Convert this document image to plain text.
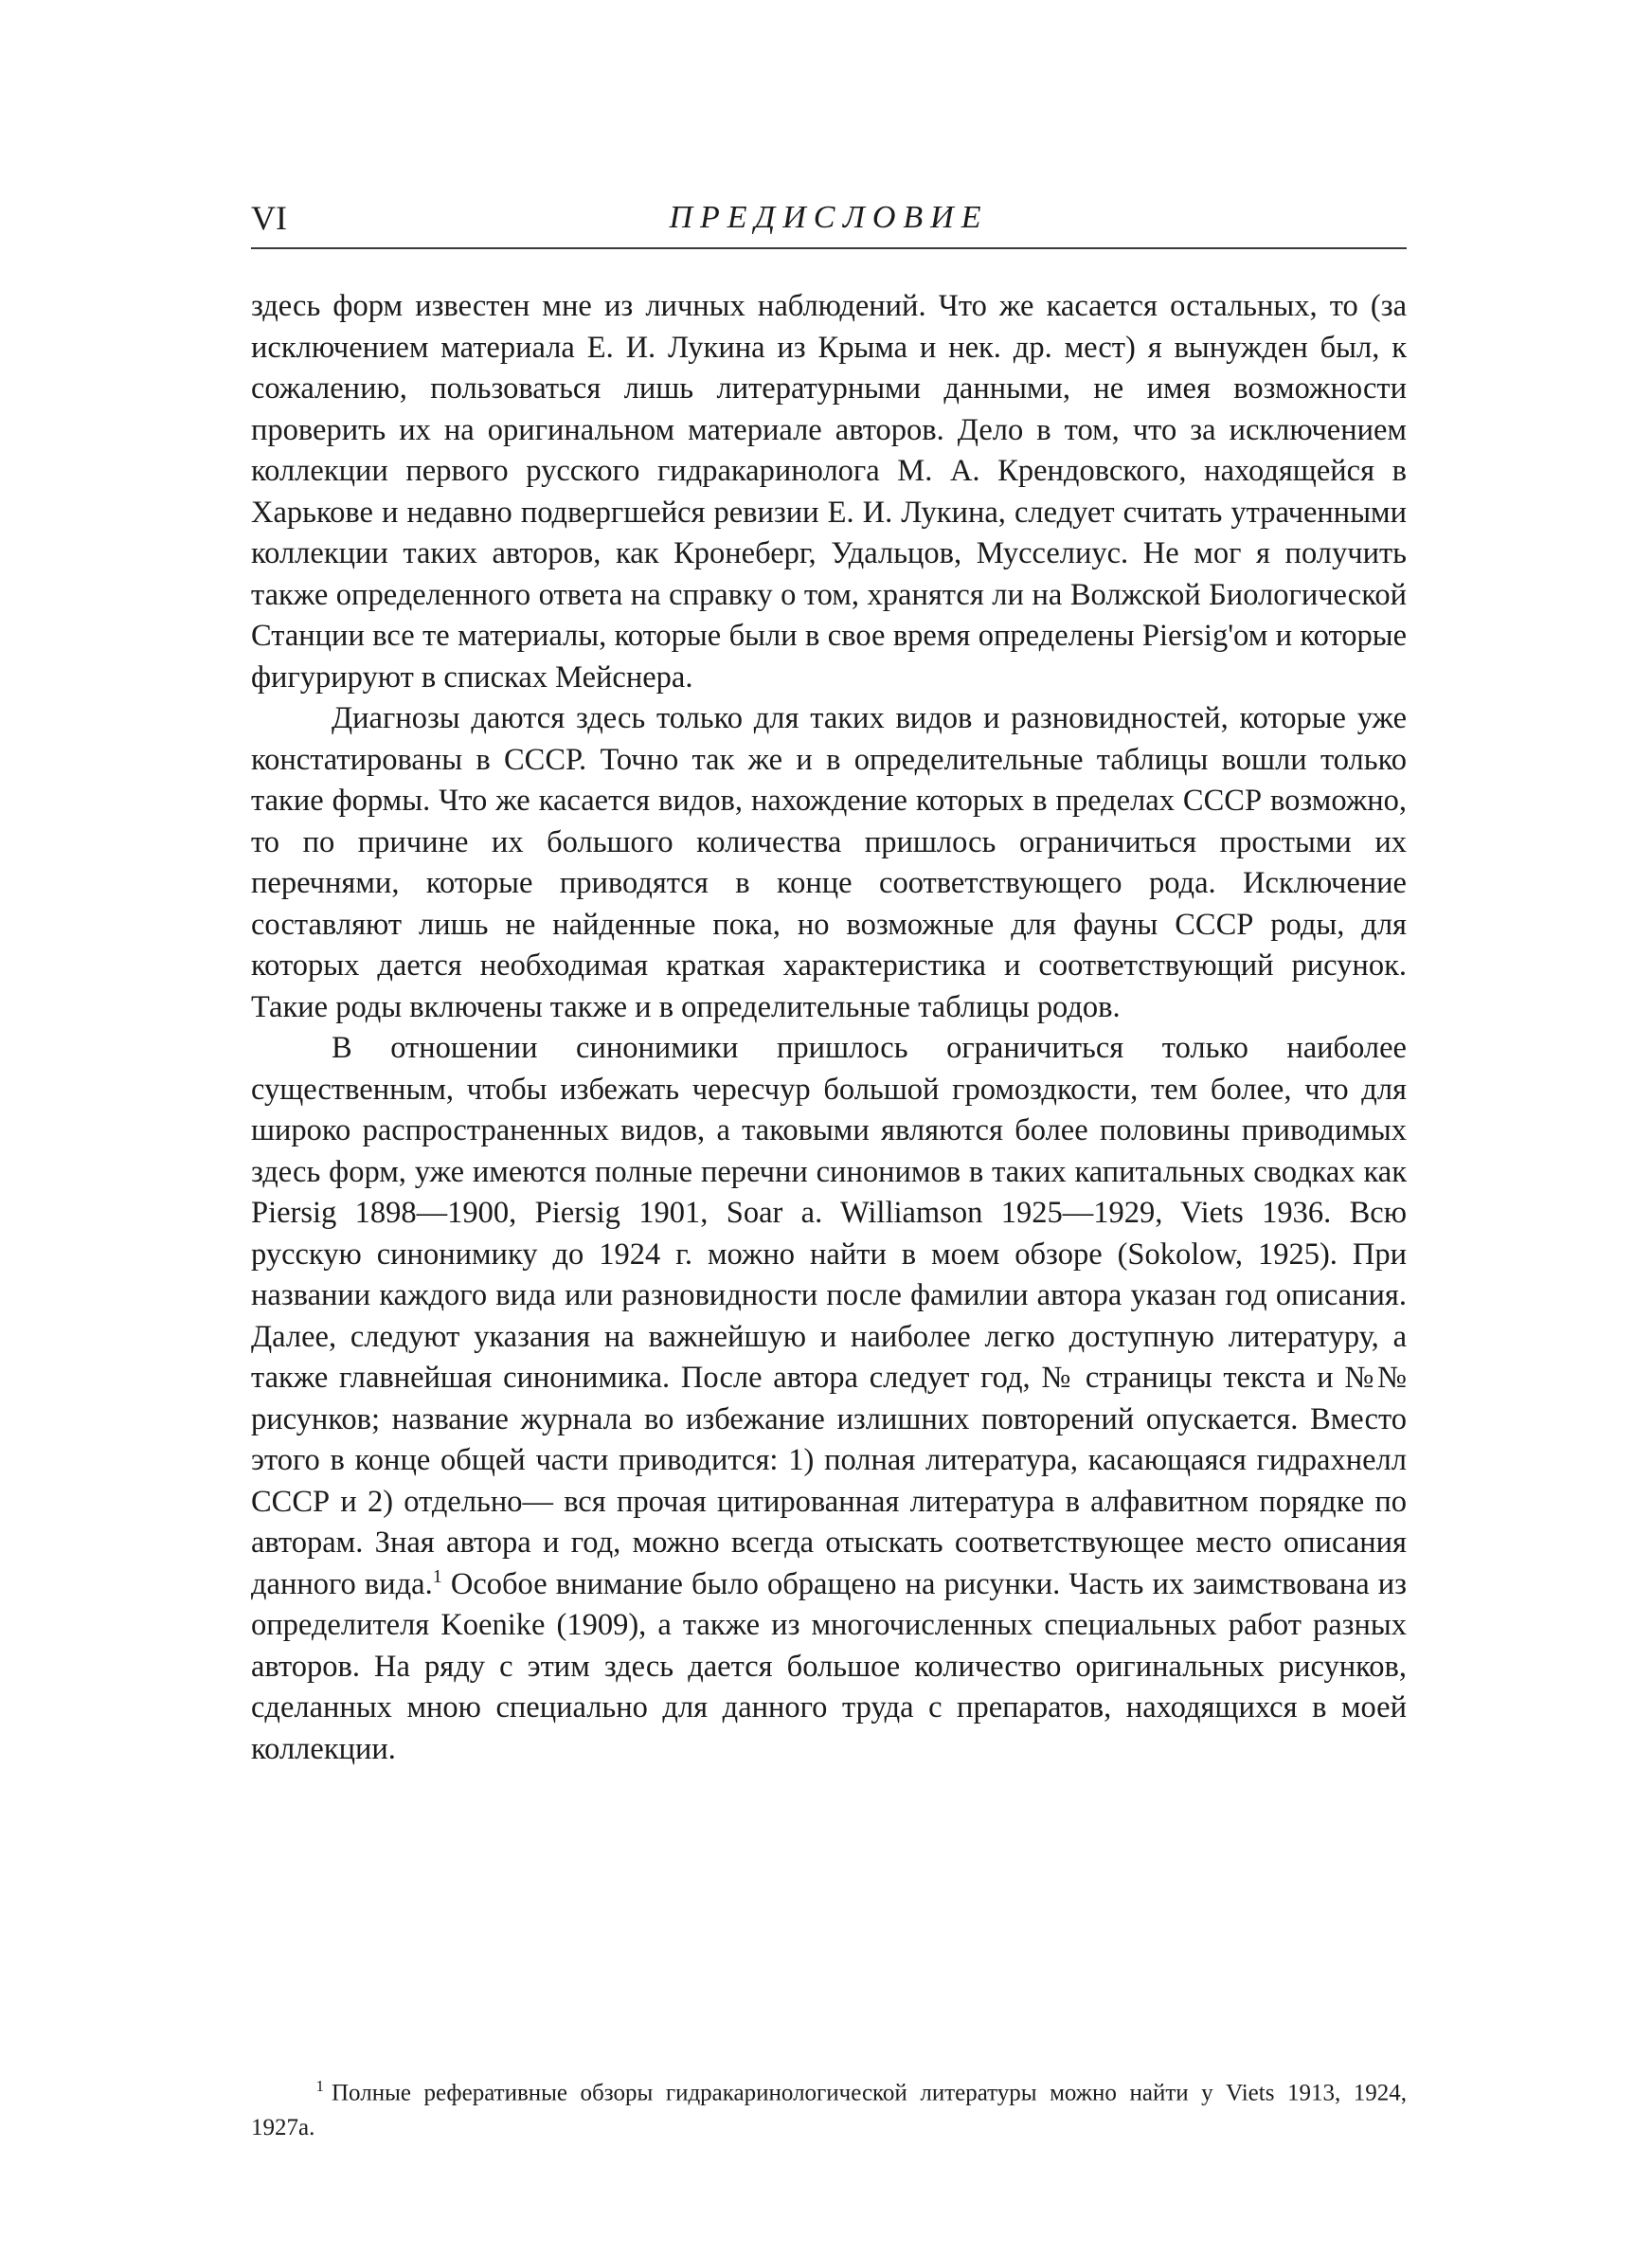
VI	ПРЕДИСЛОВИЕ

здесь форм известен мне из личных наблюдений. Что же касается остальных, то (за исключением материала Е. И. Лукина из Крыма и нек. др. мест) я вынужден был, к сожалению, пользоваться лишь литературными данными, не имея возможности проверить их на оригинальном материале авторов. Дело в том, что за исключением коллекции первого русского гидракаринолога М. А. Крендовского, находящейся в Харькове и недавно подвергшейся ревизии Е. И. Лукина, следует считать утраченными коллекции таких авторов, как Кронеберг, Удальцов, Мусселиус. Не мог я получить также определенного ответа на справку о том, хранятся ли на Волжской Биологической Станции все те материалы, которые были в свое время определены Piersig'ом и которые фигурируют в списках Мейснера.

Диагнозы даются здесь только для таких видов и разновидностей, которые уже констатированы в СССР. Точно так же и в определительные таблицы вошли только такие формы. Что же касается видов, нахождение которых в пределах СССР возможно, то по причине их большого количества пришлось ограничиться простыми их перечнями, которые приводятся в конце соответствующего рода. Исключение составляют лишь не найденные пока, но возможные для фауны СССР роды, для которых дается необходимая краткая характеристика и соответствующий рисунок. Такие роды включены также и в определительные таблицы родов.

В отношении синонимики пришлось ограничиться только наиболее существенным, чтобы избежать чересчур большой громоздкости, тем более, что для широко распространенных видов, а таковыми являются более половины приводимых здесь форм, уже имеются полные перечни синонимов в таких капитальных сводках как Piersig 1898—1900, Piersig 1901, Soar a. Williamson 1925—1929, Viets 1936. Всю русскую синонимику до 1924 г. можно найти в моем обзоре (Sokolow, 1925). При названии каждого вида или разновидности после фамилии автора указан год описания. Далее, следуют указания на важнейшую и наиболее легко доступную литературу, а также главнейшая синонимика. После автора следует год, № страницы текста и №№ рисунков; название журнала во избежание излишних повторений опускается. Вместо этого в конце общей части приводится: 1) полная литература, касающаяся гидрахнелл СССР и 2) отдельно— вся прочая цитированная литература в алфавитном порядке по авторам. Зная автора и год, можно всегда отыскать соответствующее место описания данного вида.$^1$ Особое внимание было обращено на рисунки. Часть их заимствована из определителя Koenike (1909), а также из многочисленных специальных работ разных авторов. На ряду с этим здесь дается большое количество оригинальных рисунков, сделанных мною специально для данного труда с препаратов, находящихся в моей коллекции.

$^1$ Полные реферативные обзоры гидракаринологической литературы можно найти у Viets 1913, 1924, 1927a.
